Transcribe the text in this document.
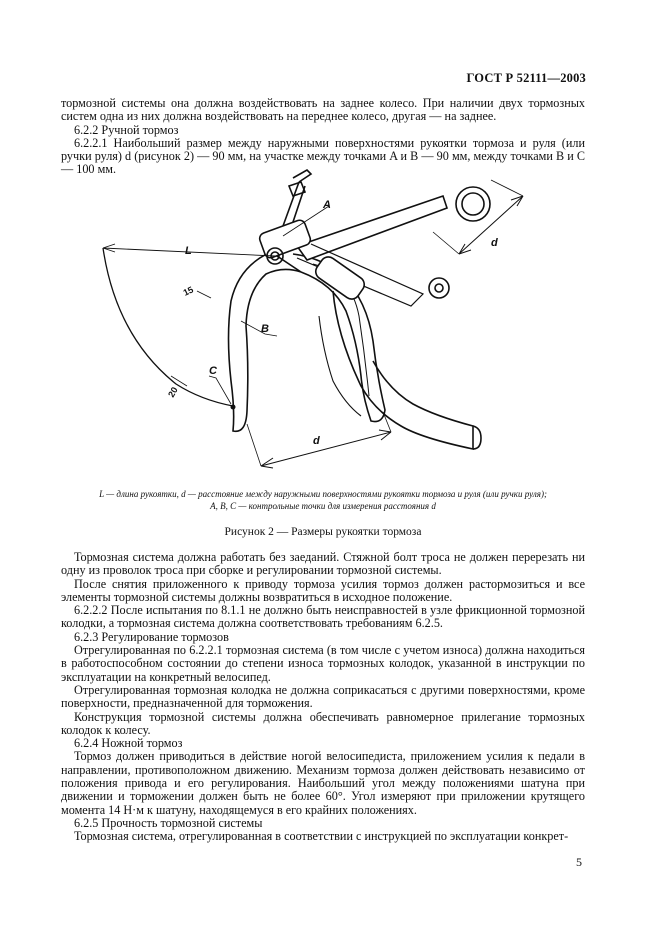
ГОСТ Р 52111—2003

тормозной системы она должна воздействовать на заднее колесо. При наличии двух тормозных систем одна из них должна воздействовать на переднее колесо, другая — на заднее.

6.2.2 Ручной тормоз

6.2.2.1 Наибольший размер между наружными поверхностями рукоятки тормоза и руля (или ручки руля) d (рисунок 2) — 90 мм, на участке между точками A и B — 90 мм, между точками B и C — 100 мм.

A
B
C
L
d
d
15
20
L — длина рукоятки, d — расстояние между наружными поверхностями рукоятки тормоза и руля (или ручки руля);
A, B, C — контрольные точки для измерения расстояния d
Рисунок 2 — Размеры рукоятки тормоза

Тормозная система должна работать без заеданий. Стяжной болт троса не должен перерезать ни одну из проволок троса при сборке и регулировании тормозной системы.

После снятия приложенного к приводу тормоза усилия тормоз должен растормозиться и все элементы тормозной системы должны возвратиться в исходное положение.

6.2.2.2 После испытания по 8.1.1 не должно быть неисправностей в узле фрикционной тормозной колодки, а тормозная система должна соответствовать требованиям 6.2.5.

6.2.3 Регулирование тормозов

Отрегулированная по 6.2.2.1 тормозная система (в том числе с учетом износа) должна находиться в работоспособном состоянии до степени износа тормозных колодок, указанной в инструкции по эксплуатации на конкретный велосипед.

Отрегулированная тормозная колодка не должна соприкасаться с другими поверхностями, кроме поверхности, предназначенной для торможения.

Конструкция тормозной системы должна обеспечивать равномерное прилегание тормозных колодок к колесу.

6.2.4 Ножной тормоз

Тормоз должен приводиться в действие ногой велосипедиста, приложением усилия к педали в направлении, противоположном движению. Механизм тормоза должен действовать независимо от положения привода и его регулирования. Наибольший угол между положениями шатуна при движении и торможении должен быть не более 60°. Угол измеряют при приложении крутящего момента 14 Н·м к шатуну, находящемуся в его крайних положениях.

6.2.5 Прочность тормозной системы

Тормозная система, отрегулированная в соответствии с инструкцией по эксплуатации конкрет-

5
